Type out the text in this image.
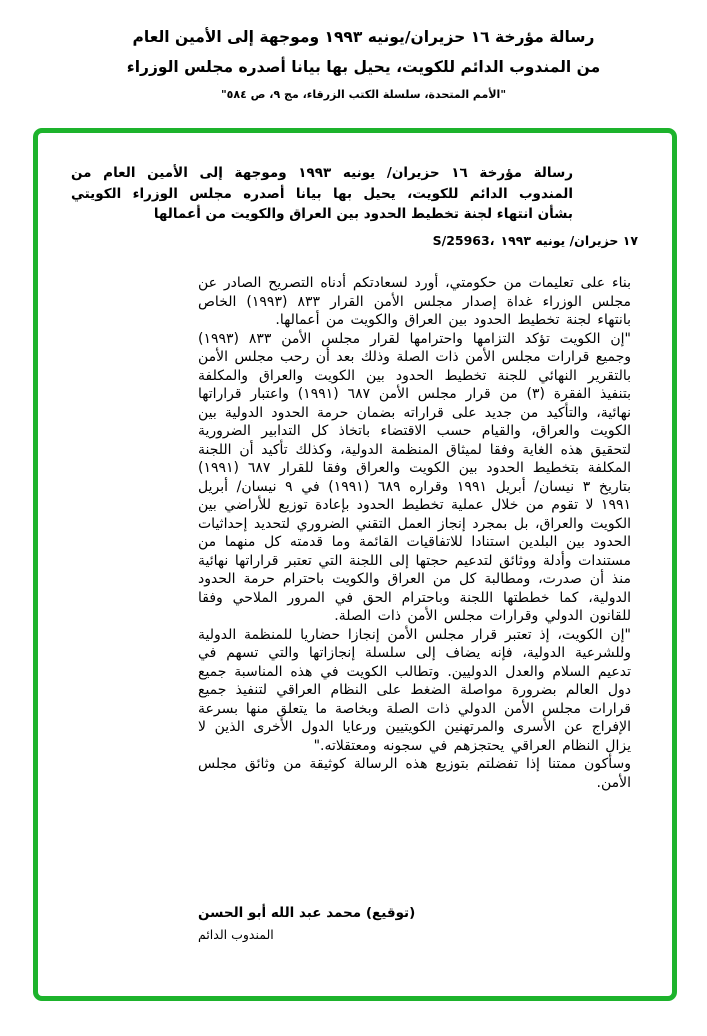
رسالة مؤرخة ١٦ حزيران/يونيه ١٩٩٣ وموجهة إلى الأمين العام
من المندوب الدائم للكويت، يحيل بها بيانا أصدره مجلس الوزراء
"الأمم المتحدة، سلسلة الكتب الزرقاء، مج ٩، ص ٥٨٤"
رسالة مؤرخة ١٦ حزيران/ يونيه ١٩٩٣ وموجهة إلى الأمين العام من
المندوب الدائم للكويت، يحيل بها بيانا أصدره مجلس الوزراء الكويتي
بشأن انتهاء لجنة تخطيط الحدود بين العراق والكويت من أعمالها
S/25963، ١٧ حزيران/ يونيه ١٩٩٣

بناء على تعليمات من حكومتي، أورد لسعادتكم أدناه التصريح الصادر عن مجلس الوزراء غداة إصدار مجلس الأمن القرار ٨٣٣ (١٩٩٣) الخاص بانتهاء لجنة تخطيط الحدود بين العراق والكويت من أعمالها.

"إن الكويت تؤكد التزامها واحترامها لقرار مجلس الأمن ٨٣٣ (١٩٩٣) وجميع قرارات مجلس الأمن ذات الصلة وذلك بعد أن رحب مجلس الأمن بالتقرير النهائي للجنة تخطيط الحدود بين الكويت والعراق والمكلفة بتنفيذ الفقرة (٣) من قرار مجلس الأمن ٦٨٧ (١٩٩١) واعتبار قراراتها نهائية، والتأكيد من جديد على قراراته بضمان حرمة الحدود الدولية بين الكويت والعراق، والقيام حسب الاقتضاء باتخاذ كل التدابير الضرورية لتحقيق هذه الغاية وفقا لميثاق المنظمة الدولية، وكذلك تأكيد أن اللجنة المكلفة بتخطيط الحدود بين الكويت والعراق وفقا للقرار ٦٨٧ (١٩٩١) بتاريخ ٣ نيسان/ أبريل ١٩٩١ وقراره ٦٨٩ (١٩٩١) في ٩ نيسان/ أبريل ١٩٩١ لا تقوم من خلال عملية تخطيط الحدود بإعادة توزيع للأراضي بين الكويت والعراق، بل بمجرد إنجاز العمل التقني الضروري لتحديد إحداثيات الحدود بين البلدين استنادا للاتفاقيات القائمة وما قدمته كل منهما من مستندات وأدلة ووثائق لتدعيم حجتها إلى اللجنة التي تعتبر قراراتها نهائية منذ أن صدرت، ومطالبة كل من العراق والكويت باحترام حرمة الحدود الدولية، كما خططتها اللجنة وباحترام الحق في المرور الملاحي وفقا للقانون الدولي وقرارات مجلس الأمن ذات الصلة.

"إن الكويت، إذ تعتبر قرار مجلس الأمن إنجازا حضاريا للمنظمة الدولية وللشرعية الدولية، فإنه يضاف إلى سلسلة إنجازاتها والتي تسهم في تدعيم السلام والعدل الدوليين. وتطالب الكويت في هذه المناسبة جميع دول العالم بضرورة مواصلة الضغط على النظام العراقي لتنفيذ جميع قرارات مجلس الأمن الدولي ذات الصلة وبخاصة ما يتعلق منها بسرعة الإفراج عن الأسرى والمرتهنين الكويتيين ورعايا الدول الأخرى الذين لا يزال النظام العراقي يحتجزهم في سجونه ومعتقلاته."

وسأكون ممتنا إذا تفضلتم بتوزيع هذه الرسالة كوثيقة من وثائق مجلس الأمن.

(توقيع) محمد عبد الله أبو الحسن
المندوب الدائم
